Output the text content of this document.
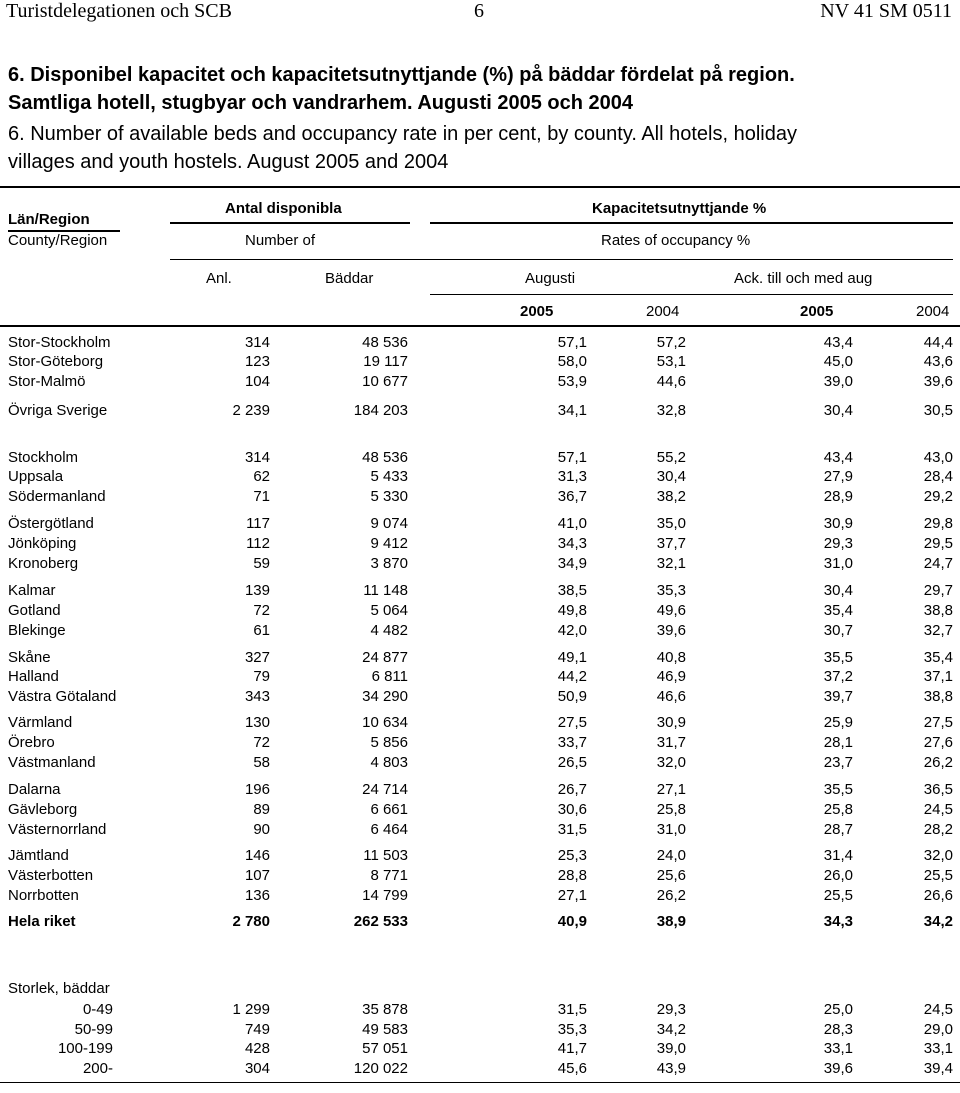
Turistdelegationen och SCB	6	NV 41 SM 0511
6. Disponibel kapacitet och kapacitetsutnyttjande (%) på bäddar fördelat på region.
Samtliga hotell, stugbyar och vandrarhem. Augusti 2005 och 2004
6. Number of available beds and occupancy rate in per cent, by county. All hotels, holiday
villages and youth hostels. August 2005 and 2004
Län/Region
County/Region
Antal disponibla
Number of
Kapacitetsutnyttjande %
Rates of occupancy %
Anl.	Bäddar	Augusti	Ack. till och med aug
2005	2004	2005	2004
Stor-Stockholm	314	48 536	57,1	57,2	43,4	44,4
Stor-Göteborg	123	19 117	58,0	53,1	45,0	43,6
Stor-Malmö	104	10 677	53,9	44,6	39,0	39,6
Övriga Sverige	2 239	184 203	34,1	32,8	30,4	30,5
Stockholm	314	48 536	57,1	55,2	43,4	43,0
Uppsala	62	5 433	31,3	30,4	27,9	28,4
Södermanland	71	5 330	36,7	38,2	28,9	29,2
Östergötland	117	9 074	41,0	35,0	30,9	29,8
Jönköping	112	9 412	34,3	37,7	29,3	29,5
Kronoberg	59	3 870	34,9	32,1	31,0	24,7
Kalmar	139	11 148	38,5	35,3	30,4	29,7
Gotland	72	5 064	49,8	49,6	35,4	38,8
Blekinge	61	4 482	42,0	39,6	30,7	32,7
Skåne	327	24 877	49,1	40,8	35,5	35,4
Halland	79	6 811	44,2	46,9	37,2	37,1
Västra Götaland	343	34 290	50,9	46,6	39,7	38,8
Värmland	130	10 634	27,5	30,9	25,9	27,5
Örebro	72	5 856	33,7	31,7	28,1	27,6
Västmanland	58	4 803	26,5	32,0	23,7	26,2
Dalarna	196	24 714	26,7	27,1	35,5	36,5
Gävleborg	89	6 661	30,6	25,8	25,8	24,5
Västernorrland	90	6 464	31,5	31,0	28,7	28,2
Jämtland	146	11 503	25,3	24,0	31,4	32,0
Västerbotten	107	8 771	28,8	25,6	26,0	25,5
Norrbotten	136	14 799	27,1	26,2	25,5	26,6
Hela riket	2 780	262 533	40,9	38,9	34,3	34,2
Storlek, bäddar
0-49	1 299	35 878	31,5	29,3	25,0	24,5
50-99	749	49 583	35,3	34,2	28,3	29,0
100-199	428	57 051	41,7	39,0	33,1	33,1
200-	304	120 022	45,6	43,9	39,6	39,4
